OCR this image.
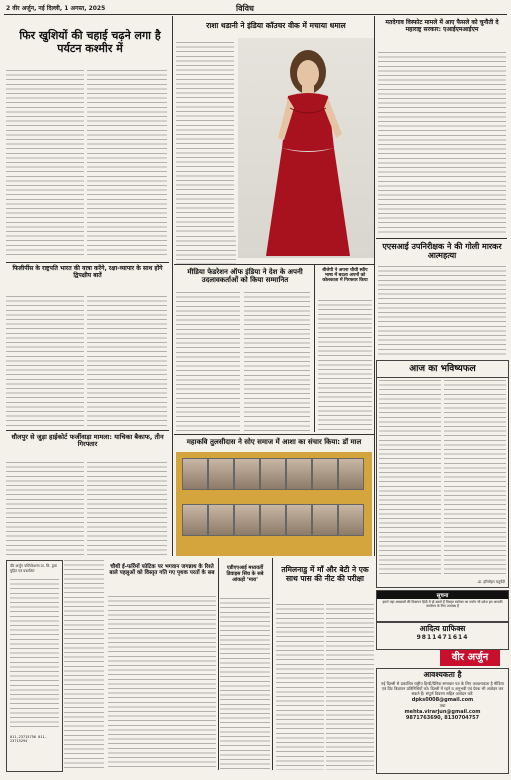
2 वीर अर्जुन, नई दिल्ली, 1 अगस्त, 2025	विविध
फिर खुशियों की चहाई चढ़ने लगा है पर्यटन कश्मीर में
फिलीपींस के राष्ट्रपति भारत की यात्रा करेंगे, रक्षा-व्यापार के साथ होंगे द्विपक्षीय बातें
धौलपुर से जुड़ा हाईकोर्ट फर्जीवाड़ा मामला: याचिका बैकाफ, तीन गिरफ्तार
वीर अर्जुन पब्लिकेशन्स प्रा. लि. द्वारा मुद्रित एवं प्रकाशित
011-23715756 011-23715294
चौथी ई-फर्रिमों फोटिक पर भगवान जगन्नाथ के रिश्ते बाले पहलुओं को विस्तृत गति गए पृथक परतों के सब
एडीएएआई मध्यवर्ती डिवाइस सिंध के सबे आंकड़ों ‘मारा'
राशा थडानी ने इंडिया कॉउचर वीक में मचाया धमाल
मीडिया फेडरेशन ऑफ इंडिया ने देश के अपनी उदलावकर्ताओं को किया सम्मानित
बीजेपी ने अपना चौथी स्वीप भाषा में बदला अपनों को कोलकाता में गिरफ्तार किया
महाकवि तुलसीदास ने सोए समाज में आशा का संचार किया: डॉ माल
तमिलनाडु में माँ और बेटी ने एक साथ पास की नीट की परीक्षा
मतदेगाव विस्फोट मामले में आए फैसले को चुनौती दे महाराष्ट्र सरकार: एआईएमआईएम
एएसआई उपनिरीक्षक ने की गोली मारकर आत्महत्या
आज का भविष्यफल
-डा. हरिमोहन चतुर्वेदी
सूचना
हमारे यहां अखबारों की विज्ञापन हिंदी में हो बकते हैं विस्तृत स्कोकर का पर्याय भी प्रवेश हम आपकी वार्तालय के लिए उपलब्ध हैं
आदित्य ग्राफिक्स
9811471614
वीर अर्जुन
आवश्यकता है
नई दिल्ली से प्रकाशित राष्ट्रीय हिन्दी/दैनिक समाचार पत्र के लिए आवश्यकता है मीडिया एवं प्रिंट विज्ञापन प्रतिनिधियों को। दिल्ली में रहने व अनुभवी एवं प्रेरक भी आवेदन कर सकते हैं। संपूर्ण विवरण सहित आवेदन करें:
dpks0008@gmail.com
तथा
mehta.virarjun@gmail.com
9871763690, 8130704757
